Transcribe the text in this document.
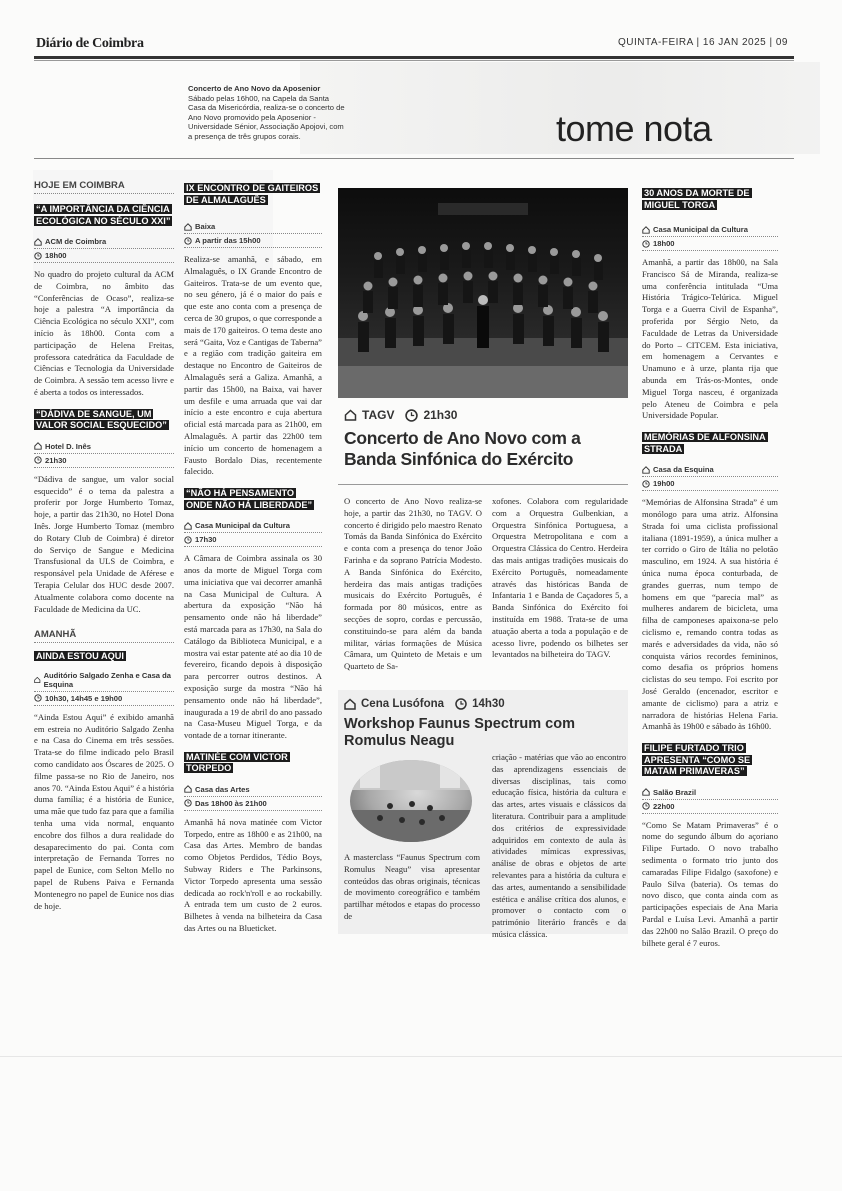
Diário de Coimbra	QUINTA-FEIRA | 16 JAN 2025 | 09
Concerto de Ano Novo da Aposenior
Sábado pelas 16h00, na Capela da Santa Casa da Misericórdia, realiza-se o concerto de Ano Novo promovido pela Aposenior - Universidade Sénior, Associação Apojovi, com a presença de três grupos corais.	tome nota
HOJE EM COIMBRA
“A IMPORTÂNCIA DA CIÊNCIA ECOLÓGICA NO SÉCULO XXI”
ACM de Coimbra
18h00
No quadro do projeto cultural da ACM de Coimbra, no âmbito das “Conferências de Ocaso”, realiza-se hoje a palestra “A importância da Ciência Ecológica no século XXI”, com início às 18h00. Conta com a participação de Helena Freitas, professora catedrática da Faculdade de Ciências e Tecnologia da Universidade de Coimbra. A sessão tem acesso livre e é aberta a todos os interessados.
“DÁDIVA DE SANGUE, UM VALOR SOCIAL ESQUECIDO”
Hotel D. Inês
21h30
“Dádiva de sangue, um valor social esquecido” é o tema da palestra a proferir por Jorge Humberto Tomaz, hoje, a partir das 21h30, no Hotel Dona Inês. Jorge Humberto Tomaz (membro do Rotary Club de Coimbra) é diretor do Serviço de Sangue e Medicina Transfusional da ULS de Coimbra, e responsável pela Unidade de Aférese e Terapia Celular dos HUC desde 2007. Atualmente colabora como docente na Faculdade de Medicina da UC.
AMANHÃ
AINDA ESTOU AQUI
Auditório Salgado Zenha e Casa da Esquina
10h30, 14h45 e 19h00
“Ainda Estou Aqui” é exibido amanhã em estreia no Auditório Salgado Zenha e na Casa do Cinema em três sessões. Trata-se do filme indicado pelo Brasil como candidato aos Óscares de 2025. O filme passa-se no Rio de Janeiro, nos anos 70. “Ainda Estou Aqui” é a história duma família; é a história de Eunice, uma mãe que tudo faz para que a família tenha uma vida normal, enquanto encobre dos filhos a dura realidade do desaparecimento do pai. Conta com interpretação de Fernanda Torres no papel de Eunice, com Selton Mello no papel de Rubens Paiva e Fernanda Montenegro no papel de Eunice nos dias de hoje.
IX ENCONTRO DE GAITEIROS DE ALMALAGUÊS
Baixa
A partir das 15h00
Realiza-se amanhã, e sábado, em Almalaguês, o IX Grande Encontro de Gaiteiros. Trata-se de um evento que, no seu género, já é o maior do país e que este ano conta com a presença de cerca de 30 grupos, o que corresponde a mais de 170 gaiteiros. O tema deste ano será “Gaita, Voz e Cantigas de Taberna” e a região com tradição gaiteira em destaque no Encontro de Gaiteiros de Almalaguês será a Galiza. Amanhã, a partir das 15h00, na Baixa, vai haver um desfile e uma arruada que vai dar início a este encontro e cuja abertura oficial está marcada para as 21h00, em Almalaguês. A partir das 22h00 tem início um concerto de homenagem a Fausto Bordalo Dias, recentemente falecido.
“NÃO HÁ PENSAMENTO ONDE NÃO HÁ LIBERDADE”
Casa Municipal da Cultura
17h30
A Câmara de Coimbra assinala os 30 anos da morte de Miguel Torga com uma iniciativa que vai decorrer amanhã na Casa Municipal de Cultura. A abertura da exposição “Não há pensamento onde não há liberdade” está marcada para as 17h30, na Sala do Catálogo da Biblioteca Municipal, e a mostra vai estar patente até ao dia 10 de fevereiro, ficando depois à disposição para percorrer outros destinos. A exposição surge da mostra “Não há pensamento onde não há liberdade”, inaugurada a 19 de abril do ano passado na Casa-Museu Miguel Torga, e da vontade de a tornar itinerante.
MATINÉE COM VICTOR TORPEDO
Casa das Artes
Das 18h00 às 21h00
Amanhã há nova matinée com Victor Torpedo, entre as 18h00 e as 21h00, na Casa das Artes. Membro de bandas como Objetos Perdidos, Tédio Boys, Subway Riders e The Parkinsons, Victor Torpedo apresenta uma sessão dedicada ao rock'n'roll e ao rockabilly. A entrada tem um custo de 2 euros. Bilhetes à venda na bilheteira da Casa das Artes ou na Blueticket.
TAGV 21h30
Concerto de Ano Novo com a Banda Sinfónica do Exército
O concerto de Ano Novo realiza-se hoje, a partir das 21h30, no TAGV. O concerto é dirigido pelo maestro Renato Tomás da Banda Sinfónica do Exército e conta com a presença do tenor João Farinha e da soprano Patrícia Modesto. A Banda Sinfónica do Exército, herdeira das mais antigas tradições musicais do Exército Português, é formada por 80 músicos, entre as secções de sopro, cordas e percussão, constituindo-se para além da banda militar, várias formações de Música Câmara, um Quinteto de Metais e um Quarteto de Sa-
xofones. Colabora com regularidade com a Orquestra Gulbenkian, a Orquestra Sinfónica Portuguesa, a Orquestra Metropolitana e com a Orquestra Clássica do Centro. Herdeira das mais antigas tradições musicais do Exército Português, nomeadamente através das históricas Banda de Infantaria 1 e Banda de Caçadores 5, a Banda Sinfónica do Exército foi instituída em 1988. Trata-se de uma atuação aberta a toda a população e de acesso livre, podendo os bilhetes ser levantados na bilheteira do TAGV.
Cena Lusófona 14h30
Workshop Faunus Spectrum com Romulus Neagu
A masterclass “Faunus Spectrum com Romulus Neagu” visa apresentar conteúdos das obras originais, técnicas de movimento coreográfico e também partilhar métodos e etapas do processo de
criação - matérias que vão ao encontro das aprendizagens essenciais de diversas disciplinas, tais como educação física, história da cultura e das artes, artes visuais e clássicos da literatura. Contribuir para a amplitude dos critérios de expressividade adquiridos em contexto de aula às atividades mímicas expressivas, análise de obras e objetos de arte relevantes para a história da cultura e das artes, aumentando a sensibilidade estética e análise crítica dos alunos, e promover o contacto com o património literário francês e da música clássica.
30 ANOS DA MORTE DE MIGUEL TORGA
Casa Municipal da Cultura
18h00
Amanhã, a partir das 18h00, na Sala Francisco Sá de Miranda, realiza-se uma conferência intitulada “Uma História Trágico-Telúrica. Miguel Torga e a Guerra Civil de Espanha”, proferida por Sérgio Neto, da Faculdade de Letras da Universidade do Porto – CITCEM. Esta iniciativa, em homenagem a Cervantes e Unamuno e à urze, planta rija que abunda em Trás-os-Montes, onde Miguel Torga nasceu, é organizada pelo Ateneu de Coimbra e pela Universidade Popular.
MEMÓRIAS DE ALFONSINA STRADA
Casa da Esquina
19h00
“Memórias de Alfonsina Strada” é um monólogo para uma atriz. Alfonsina Strada foi uma ciclista profissional italiana (1891-1959), a única mulher a ter corrido o Giro de Itália no pelotão masculino, em 1924. A sua história é única numa época conturbada, de grandes guerras, num tempo de homens em que “parecia mal” as mulheres andarem de bicicleta, uma filha de camponeses apaixona-se pelo ciclismo e, remando contra todas as marés e adversidades da vida, não só conquista vários recordes femininos, como desafia os próprios homens ciclistas do seu tempo. Foi escrito por José Geraldo (encenador, escritor e amante de ciclismo) para a atriz e narradora de histórias Helena Faria. Amanhã às 19h00 e sábado às 16h00.
FILIPE FURTADO TRIO APRESENTA “COMO SE MATAM PRIMAVERAS”
Salão Brazil
22h00
“Como Se Matam Primaveras” é o nome do segundo álbum do açoriano Filipe Furtado. O novo trabalho sedimenta o formato trio junto dos camaradas Filipe Fidalgo (saxofone) e Paulo Silva (bateria). Os temas do novo disco, que conta ainda com as participações especiais de Ana Maria Pardal e Luísa Levi. Amanhã a partir das 22h00 no Salão Brazil. O preço do bilhete geral é 7 euros.
